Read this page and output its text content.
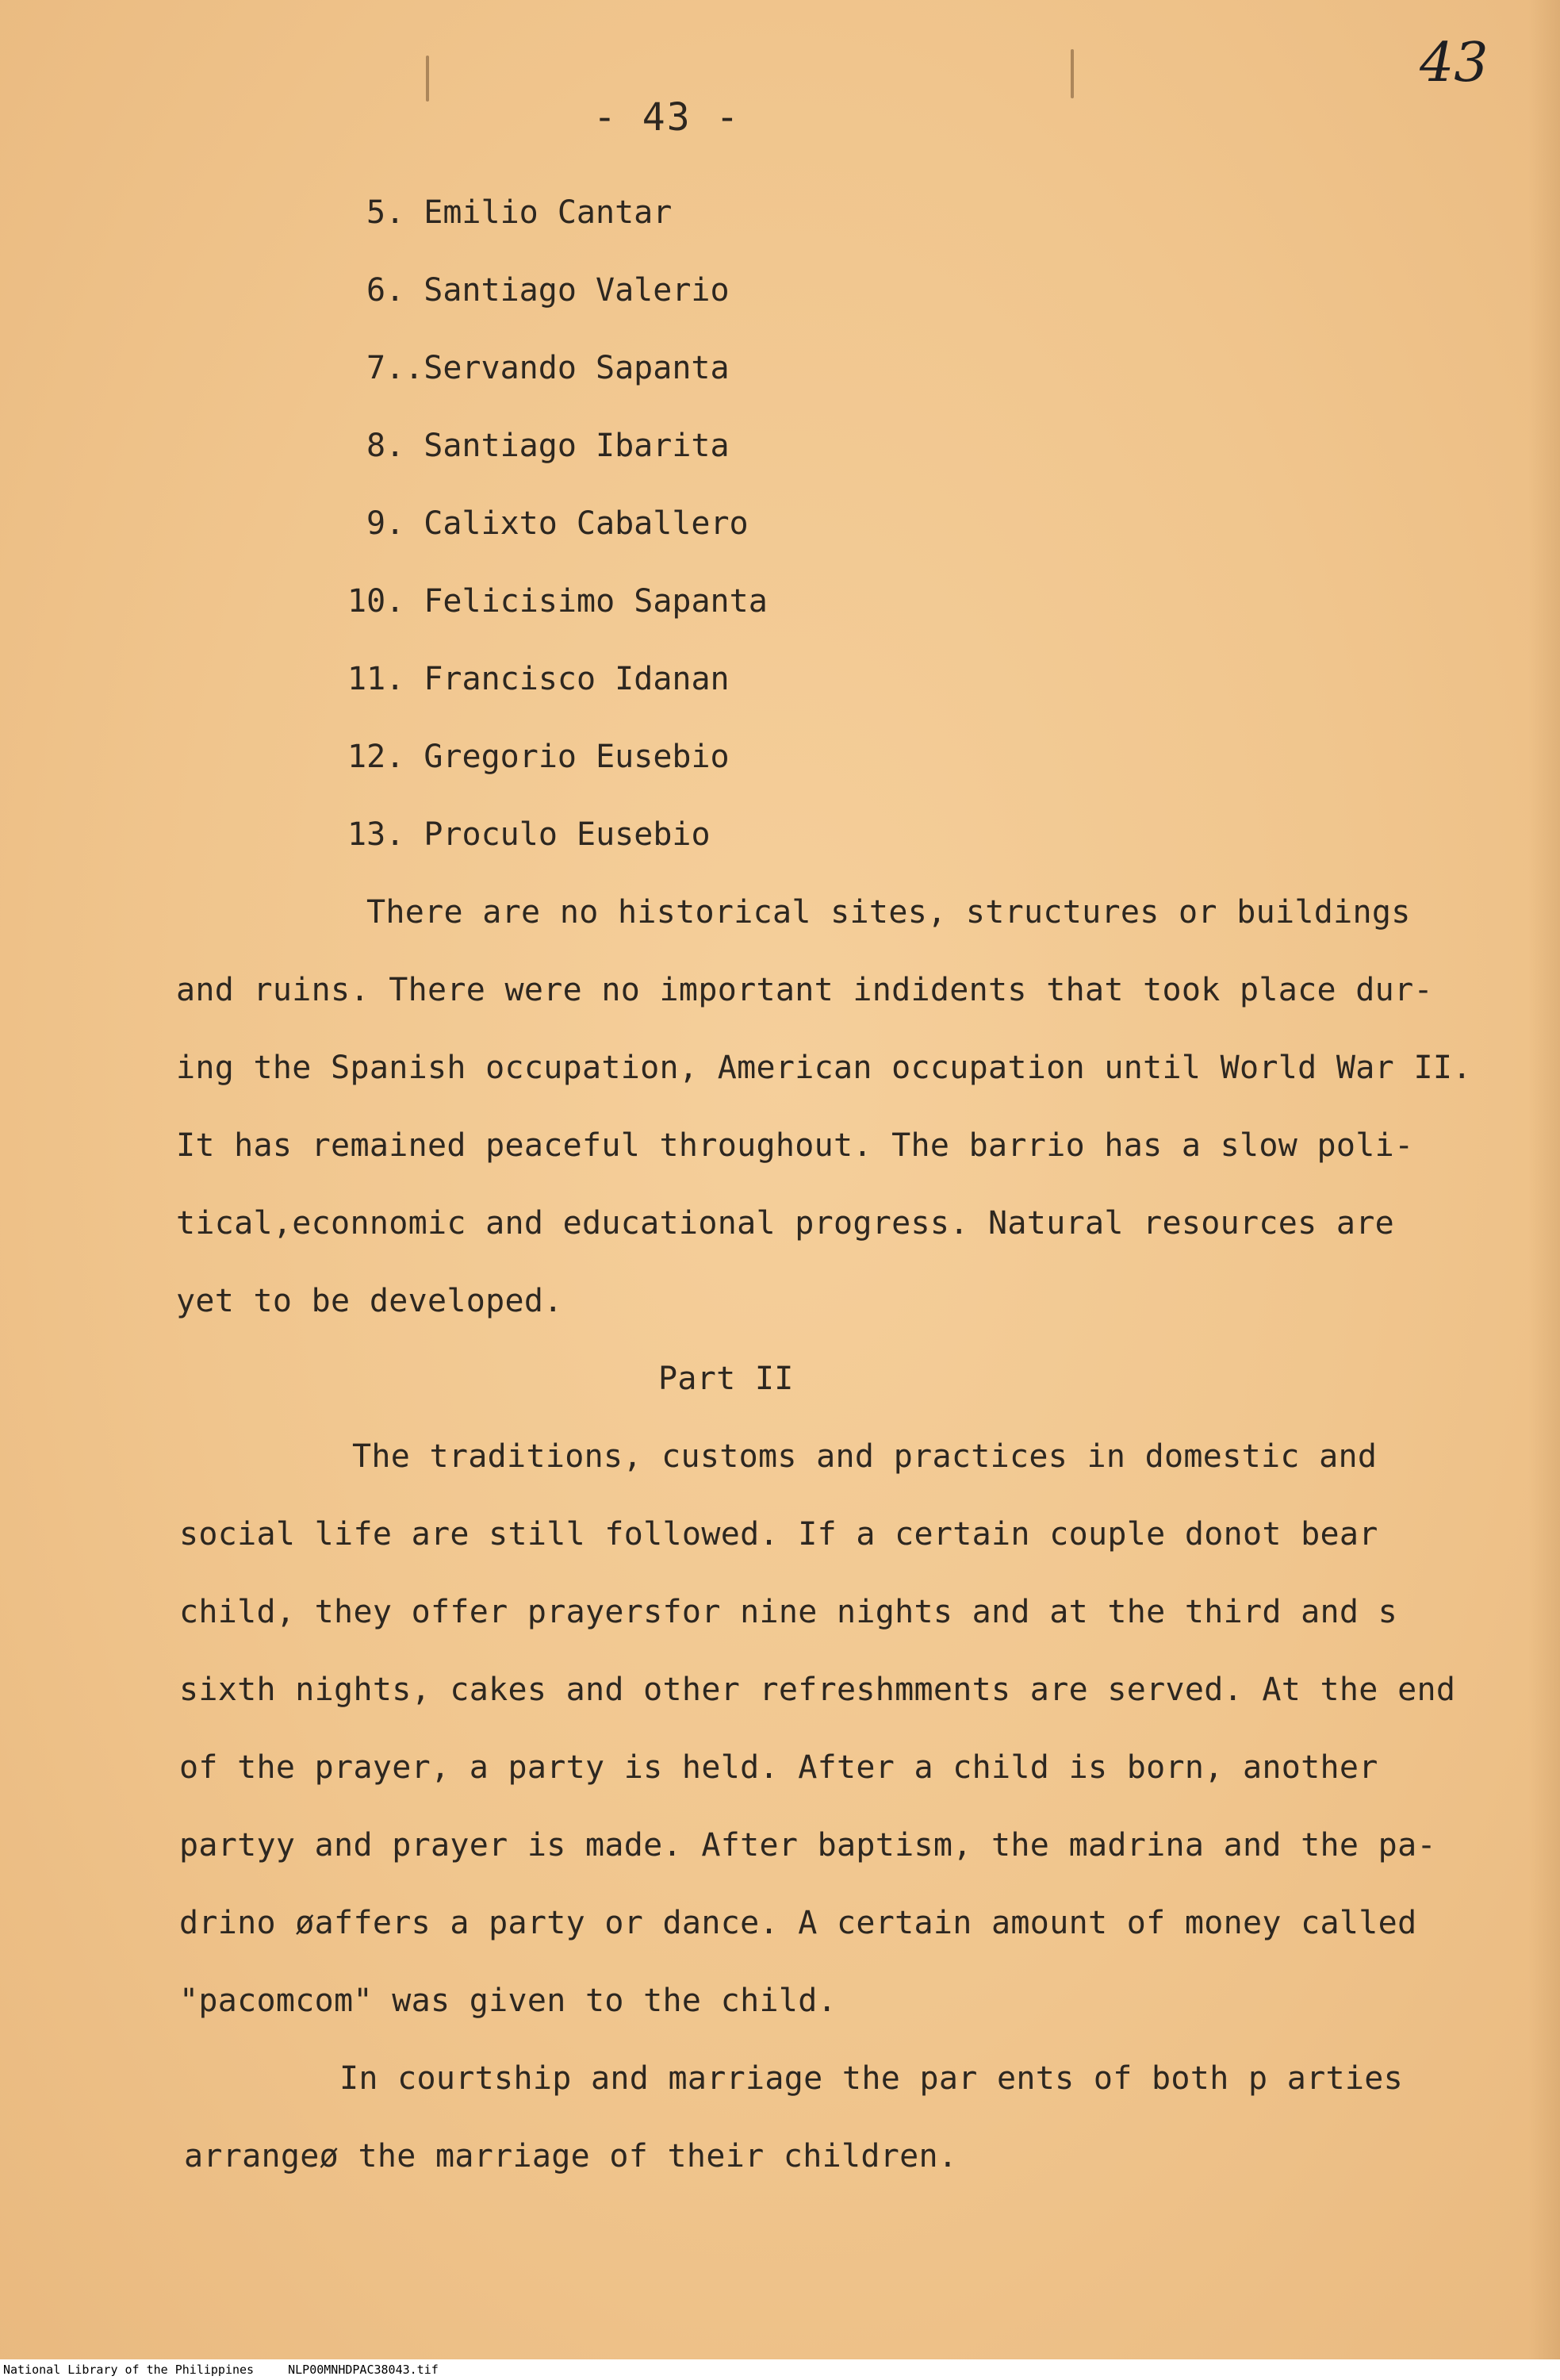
- 43 -
43
5. Emilio Cantar
6. Santiago Valerio
7..Servando Sapanta
8. Santiago Ibarita
9. Calixto Caballero
10. Felicisimo Sapanta
11. Francisco Idanan
12. Gregorio Eusebio
13. Proculo Eusebio
There are no historical sites, structures or buildings
and ruins. There were no important indidents that took place dur-
ing the Spanish occupation, American occupation until World War II.
It has remained peaceful throughout. The barrio has a slow poli-
tical,econnomic and educational progress. Natural resources are
yet to be developed.
Part II
The traditions, customs and practices in domestic and
social life are still followed. If a certain couple donot bear
child, they offer prayersfor nine nights and at the third and s
sixth nights, cakes and other refreshmments are served. At the end
of the prayer, a party is held. After a child is born, another
partyy and prayer is made. After baptism, the madrina and the pa-
drino øaffers a party or dance. A certain amount of money called
"pacomcom" was given to the child.
In courtship and marriage the par ents of both p arties
arrangeø the marriage of their children.
National Library of the Philippines	NLP00MNHDPAC38043.tif
